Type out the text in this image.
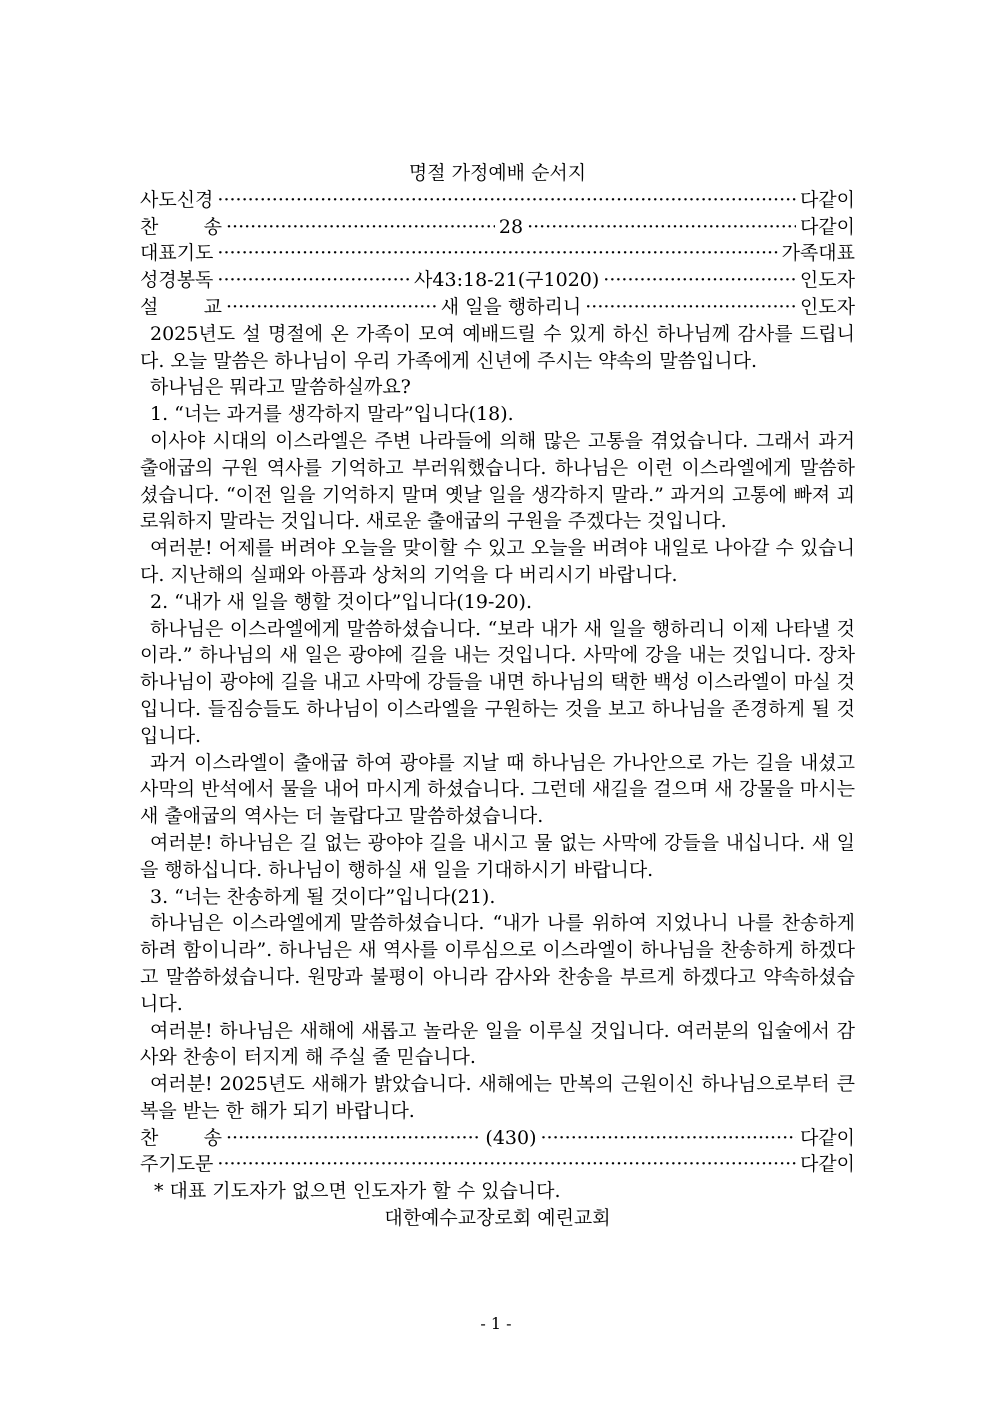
명절 가정예배 순서지
사도신경 ·····	다같이
찬 송 ·····	28 ·····	다같이
대표기도 ·····	가족대표
성경봉독 ·····	사43:18-21(구1020) ·····	인도자
설 교 ·····	새 일을 행하리니 ·····	인도자

2025년도 설 명절에 온 가족이 모여 예배드릴 수 있게 하신 하나님께 감사를 드립니다. 오늘 말씀은 하나님이 우리 가족에게 신년에 주시는 약속의 말씀입니다.

하나님은 뭐라고 말씀하실까요?

1. “너는 과거를 생각하지 말라”입니다(18).

이사야 시대의 이스라엘은 주변 나라들에 의해 많은 고통을 겪었습니다. 그래서 과거 출애굽의 구원 역사를 기억하고 부러워했습니다. 하나님은 이런 이스라엘에게 말씀하셨습니다. “이전 일을 기억하지 말며 옛날 일을 생각하지 말라.” 과거의 고통에 빠져 괴로워하지 말라는 것입니다. 새로운 출애굽의 구원을 주겠다는 것입니다.

여러분! 어제를 버려야 오늘을 맞이할 수 있고 오늘을 버려야 내일로 나아갈 수 있습니다. 지난해의 실패와 아픔과 상처의 기억을 다 버리시기 바랍니다.

2. “내가 새 일을 행할 것이다”입니다(19-20).

하나님은 이스라엘에게 말씀하셨습니다. “보라 내가 새 일을 행하리니 이제 나타낼 것이라.” 하나님의 새 일은 광야에 길을 내는 것입니다. 사막에 강을 내는 것입니다. 장차 하나님이 광야에 길을 내고 사막에 강들을 내면 하나님의 택한 백성 이스라엘이 마실 것입니다. 들짐승들도 하나님이 이스라엘을 구원하는 것을 보고 하나님을 존경하게 될 것입니다.

과거 이스라엘이 출애굽 하여 광야를 지날 때 하나님은 가나안으로 가는 길을 내셨고 사막의 반석에서 물을 내어 마시게 하셨습니다. 그런데 새길을 걸으며 새 강물을 마시는 새 출애굽의 역사는 더 놀랍다고 말씀하셨습니다.

여러분! 하나님은 길 없는 광야야 길을 내시고 물 없는 사막에 강들을 내십니다. 새 일을 행하십니다. 하나님이 행하실 새 일을 기대하시기 바랍니다.

3. “너는 찬송하게 될 것이다”입니다(21).

하나님은 이스라엘에게 말씀하셨습니다. “내가 나를 위하여 지었나니 나를 찬송하게 하려 함이니라”. 하나님은 새 역사를 이루심으로 이스라엘이 하나님을 찬송하게 하겠다고 말씀하셨습니다. 원망과 불평이 아니라 감사와 찬송을 부르게 하겠다고 약속하셨습니다.

여러분! 하나님은 새해에 새롭고 놀라운 일을 이루실 것입니다. 여러분의 입술에서 감사와 찬송이 터지게 해 주실 줄 믿습니다.

여러분! 2025년도 새해가 밝았습니다. 새해에는 만복의 근원이신 하나님으로부터 큰 복을 받는 한 해가 되기 바랍니다.

찬 송 ·····	(430) ·····	다같이
주기도문 ·····	다같이

* 대표 기도자가 없으면 인도자가 할 수 있습니다.

대한예수교장로회 예린교회

- 1 -
